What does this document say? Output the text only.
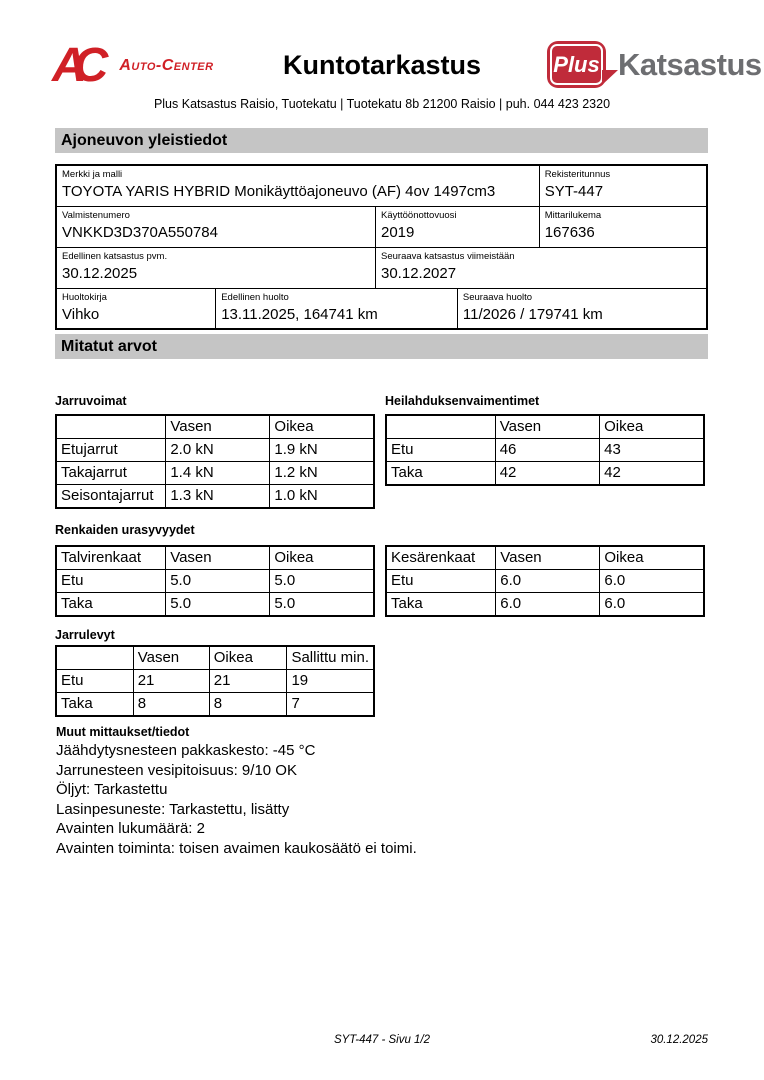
AC	Auto-Center	Kuntotarkastus	Plus Katsastus
Plus Katsastus Raisio, Tuotekatu | Tuotekatu 8b 21200 Raisio | puh. 044 423 2320
Ajoneuvon yleistiedot
Merkki ja malli
TOYOTA YARIS HYBRID Monikäyttöajoneuvo (AF) 4ov 1497cm3

Rekisteritunnus
SYT-447

Valmistenumero
VNKKD3D370A550784

Käyttöönottovuosi
2019

Mittarilukema
167636

Edellinen katsastus pvm.
30.12.2025

Seuraava katsastus viimeistään
30.12.2027

Huoltokirja
Vihko

Edellinen huolto
13.11.2025, 164741 km

Seuraava huolto
11/2026 / 179741 km
Mitatut arvot
Jarruvoimat
	Vasen	Oikea
Etujarrut	2.0 kN	1.9 kN
Takajarrut	1.4 kN	1.2 kN
Seisontajarrut	1.3 kN	1.0 kN
Heilahduksenvaimentimet
	Vasen	Oikea
Etu	46	43
Taka	42	42
Renkaiden urasyvyydet
Talvirenkaat	Vasen	Oikea
Etu	5.0	5.0
Taka	5.0	5.0
Kesärenkaat	Vasen	Oikea
Etu	6.0	6.0
Taka	6.0	6.0
Jarrulevyt
	Vasen	Oikea	Sallittu min.
Etu	21	21	19
Taka	8	8	7
Muut mittaukset/tiedot
Jäähdytysnesteen pakkaskesto: -45 °C
Jarrunesteen vesipitoisuus: 9/10 OK
Öljyt: Tarkastettu
Lasinpesuneste: Tarkastettu, lisätty
Avainten lukumäärä: 2
Avainten toiminta: toisen avaimen kaukosäätö ei toimi.
SYT-447 - Sivu 1/2	30.12.2025
